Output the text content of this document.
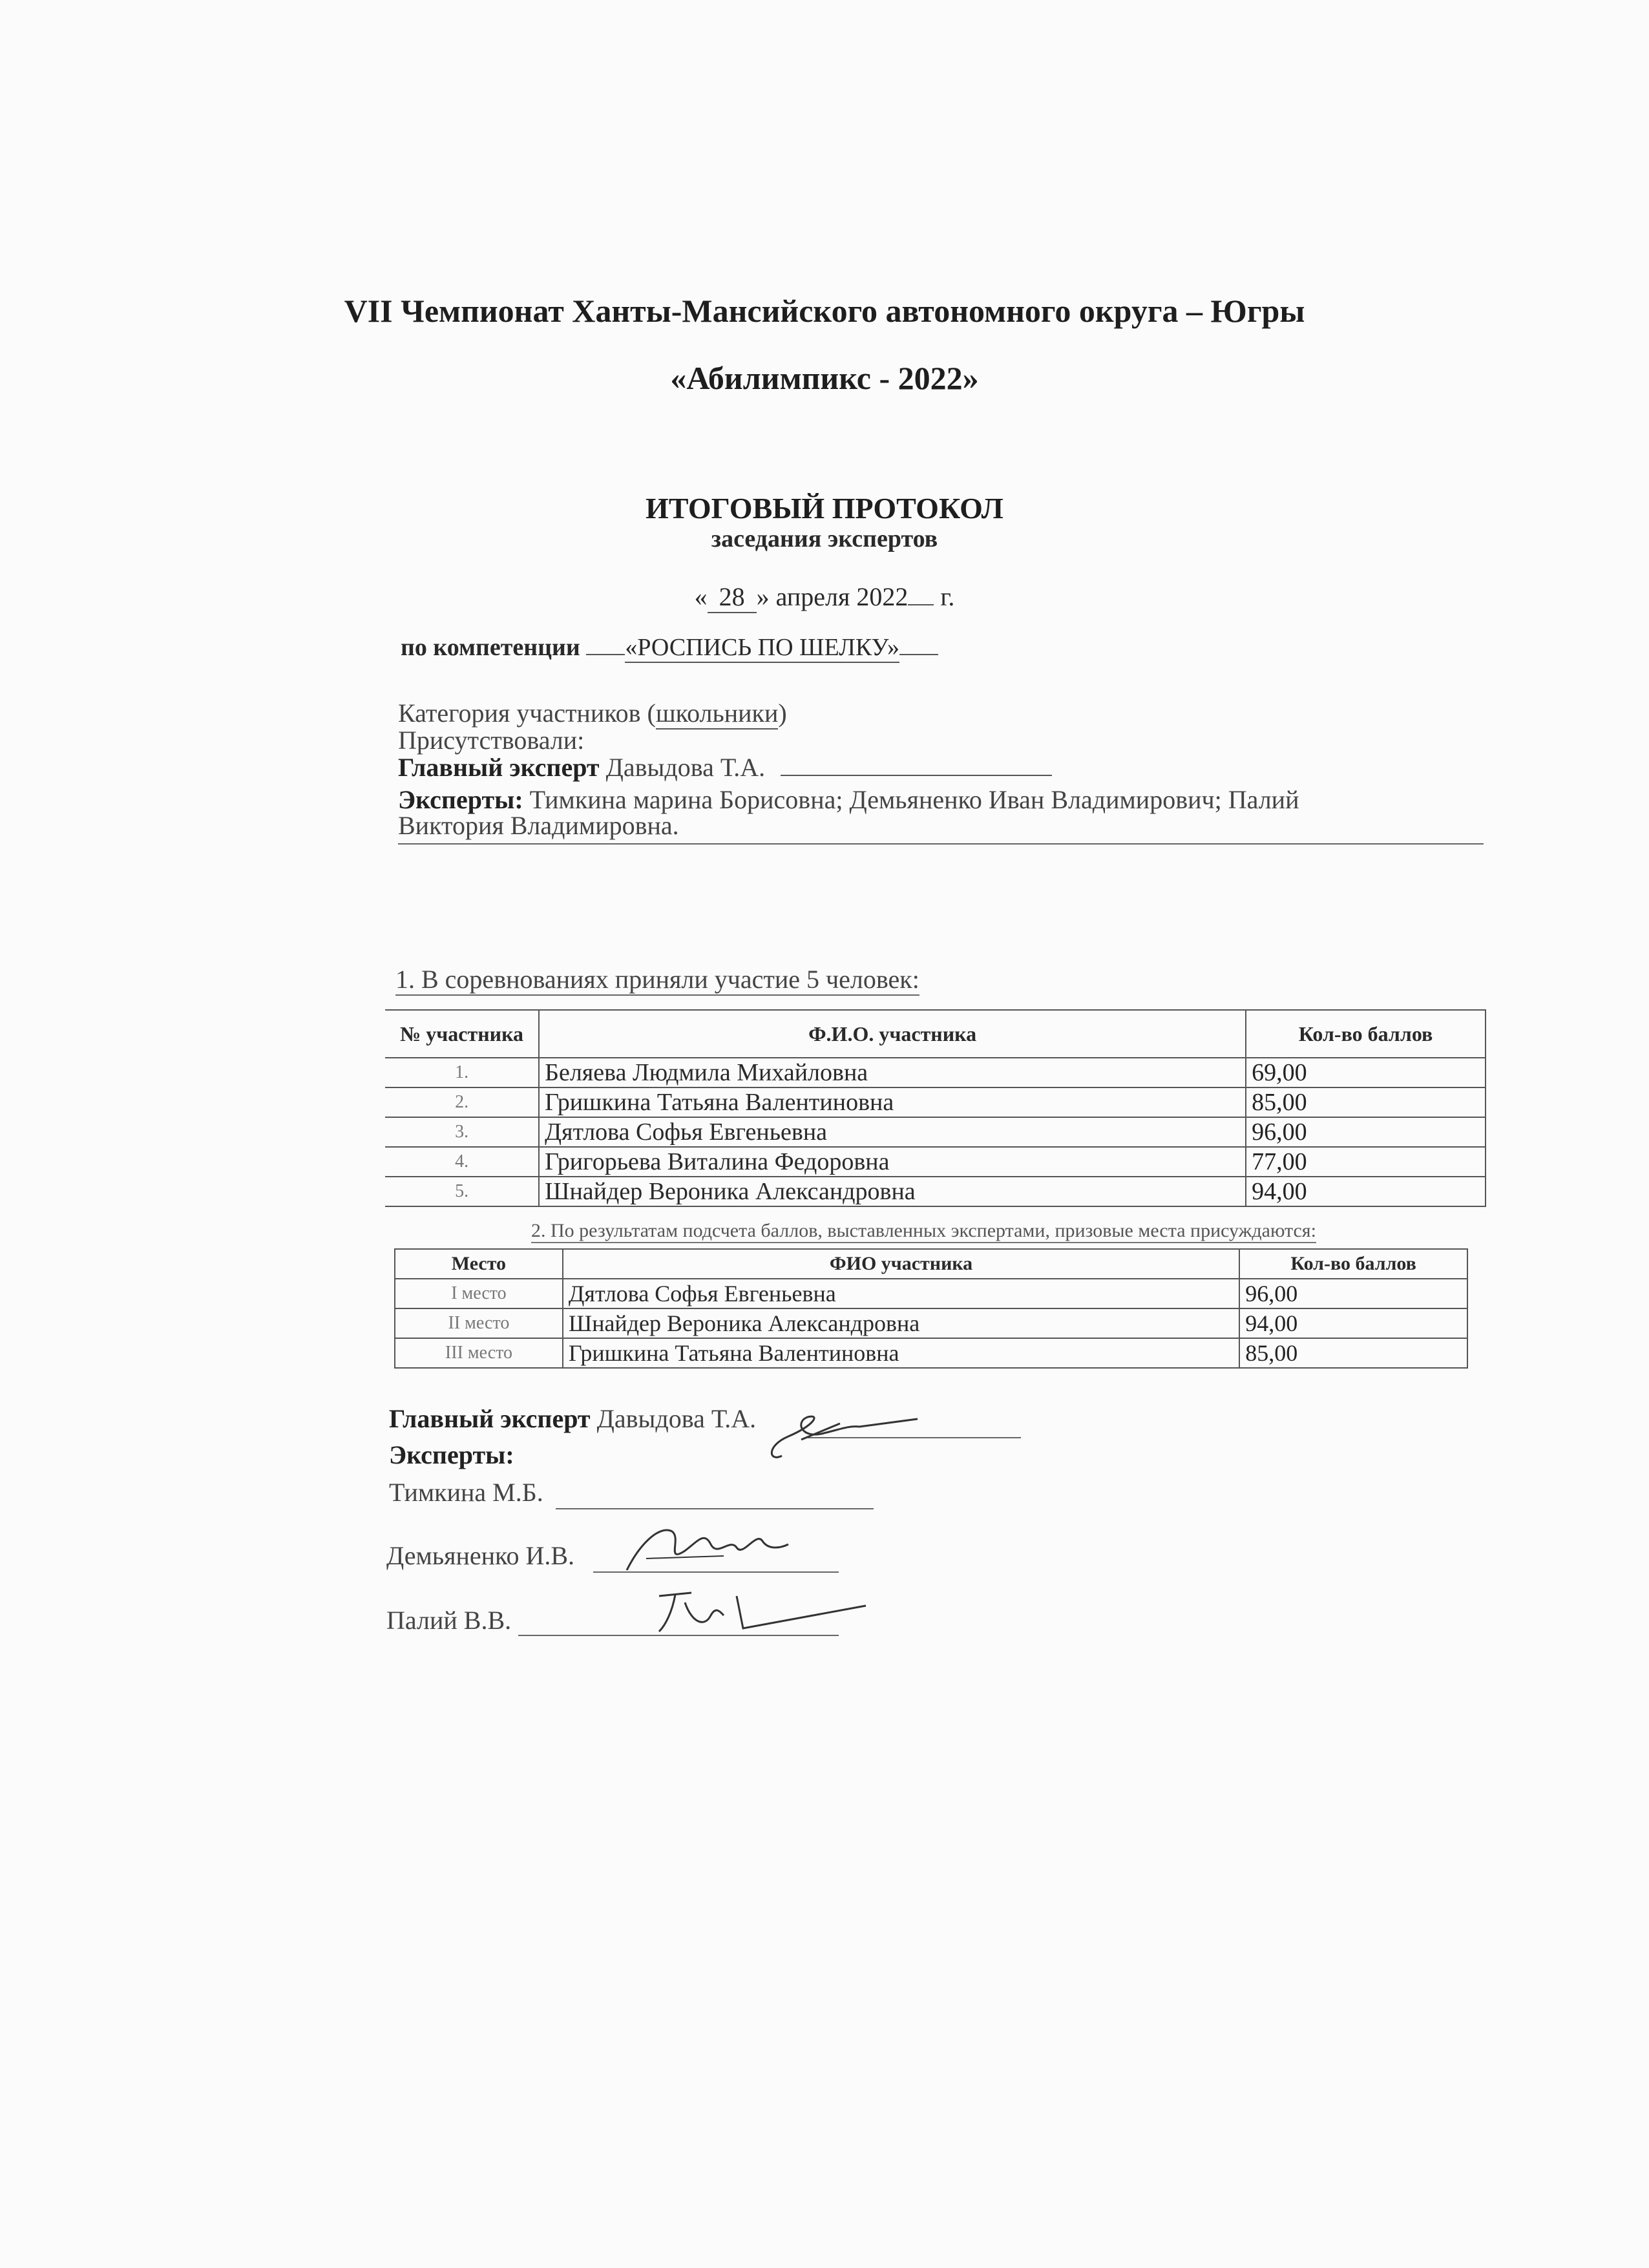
VII Чемпионат Ханты-Мансийского автономного округа – Югры
«Абилимпикс - 2022»
ИТОГОВЫЙ ПРОТОКОЛ
заседания экспертов
« 28 » апреля 2022 г.
по компетенции «РОСПИСЬ ПО ШЕЛКУ»
Категория участников (школьники)
Присутствовали:
Главный эксперт Давыдова Т.А.
Эксперты: Тимкина марина Борисовна; Демьяненко Иван Владимирович; Палий
Виктория Владимировна.
1. В соревнованиях приняли участие 5 человек:
№ участника	Ф.И.О. участника	Кол-во баллов
1.	Беляева Людмила Михайловна	69,00
2.	Гришкина Татьяна Валентиновна	85,00
3.	Дятлова Софья Евгеньевна	96,00
4.	Григорьева Виталина Федоровна	77,00
5.	Шнайдер Вероника Александровна	94,00
2. По результатам подсчета баллов, выставленных экспертами, призовые места присуждаются:
Место	ФИО участника	Кол-во баллов
I место	Дятлова Софья Евгеньевна	96,00
II место	Шнайдер Вероника Александровна	94,00
III место	Гришкина Татьяна Валентиновна	85,00
Главный эксперт Давыдова Т.А.
Эксперты:
Тимкина М.Б.
Демьяненко И.В.
Палий В.В.
